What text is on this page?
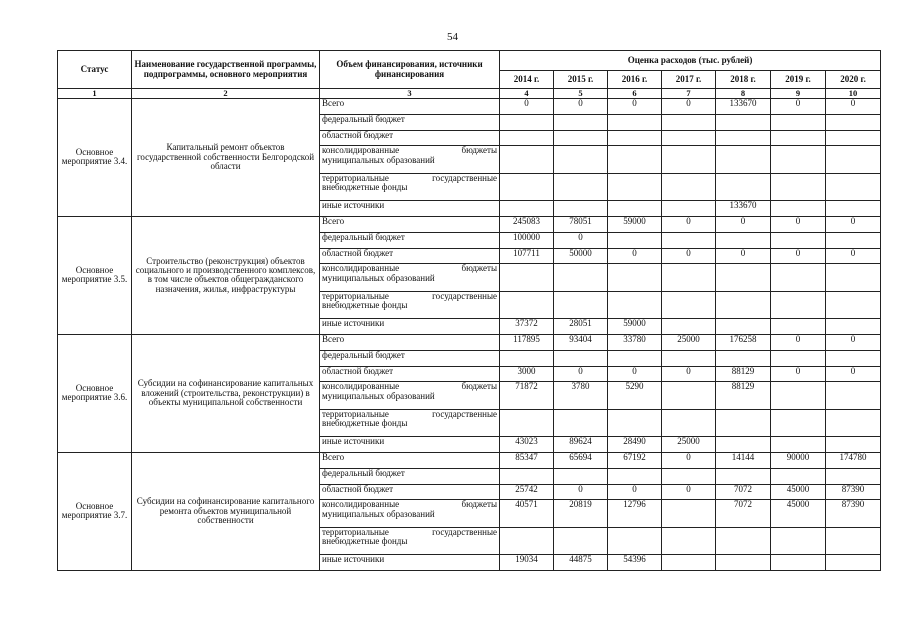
54
Статус	Наименование государственной программы, подпрограммы, основного мероприятия	Объем финансирования, источники финансирования	Оценка расходов (тыс. рублей)						
			2014 г.	2015 г.	2016 г.	2017 г.	2018 г.	2019 г.	2020 г.
1	2	3	4	5	6	7	8	9	10
Основное мероприятие 3.4.	Капитальный ремонт объектов государственной собственности Белгородской области	Всего	0	0	0	0	133670	0	0
		федеральный бюджет							
		областной бюджет							
		консолидированные бюджеты муниципальных образований							
		территориальные государственные внебюджетные фонды							
		иные источники					133670		
Основное мероприятие 3.5.	Строительство (реконструкция) объектов социального и производственного комплексов, в том числе объектов общегражданского назначения, жилья, инфраструктуры	Всего	245083	78051	59000	0	0	0	0
		федеральный бюджет	100000	0					
		областной бюджет	107711	50000	0	0	0	0	0
		консолидированные бюджеты муниципальных образований							
		территориальные государственные внебюджетные фонды							
		иные источники	37372	28051	59000				
Основное мероприятие 3.6.	Субсидии на софинансирование капитальных вложений (строительства, реконструкции) в объекты муниципальной собственности	Всего	117895	93404	33780	25000	176258	0	0
		федеральный бюджет							
		областной бюджет	3000	0	0	0	88129	0	0
		консолидированные бюджеты муниципальных образований	71872	3780	5290		88129		
		территориальные государственные внебюджетные фонды							
		иные источники	43023	89624	28490	25000			
Основное мероприятие 3.7.	Субсидии на софинансирование капитального ремонта объектов муниципальной собственности	Всего	85347	65694	67192	0	14144	90000	174780
		федеральный бюджет							
		областной бюджет	25742	0	0	0	7072	45000	87390
		консолидированные бюджеты муниципальных образований	40571	20819	12796		7072	45000	87390
		территориальные государственные внебюджетные фонды							
		иные источники	19034	44875	54396				
